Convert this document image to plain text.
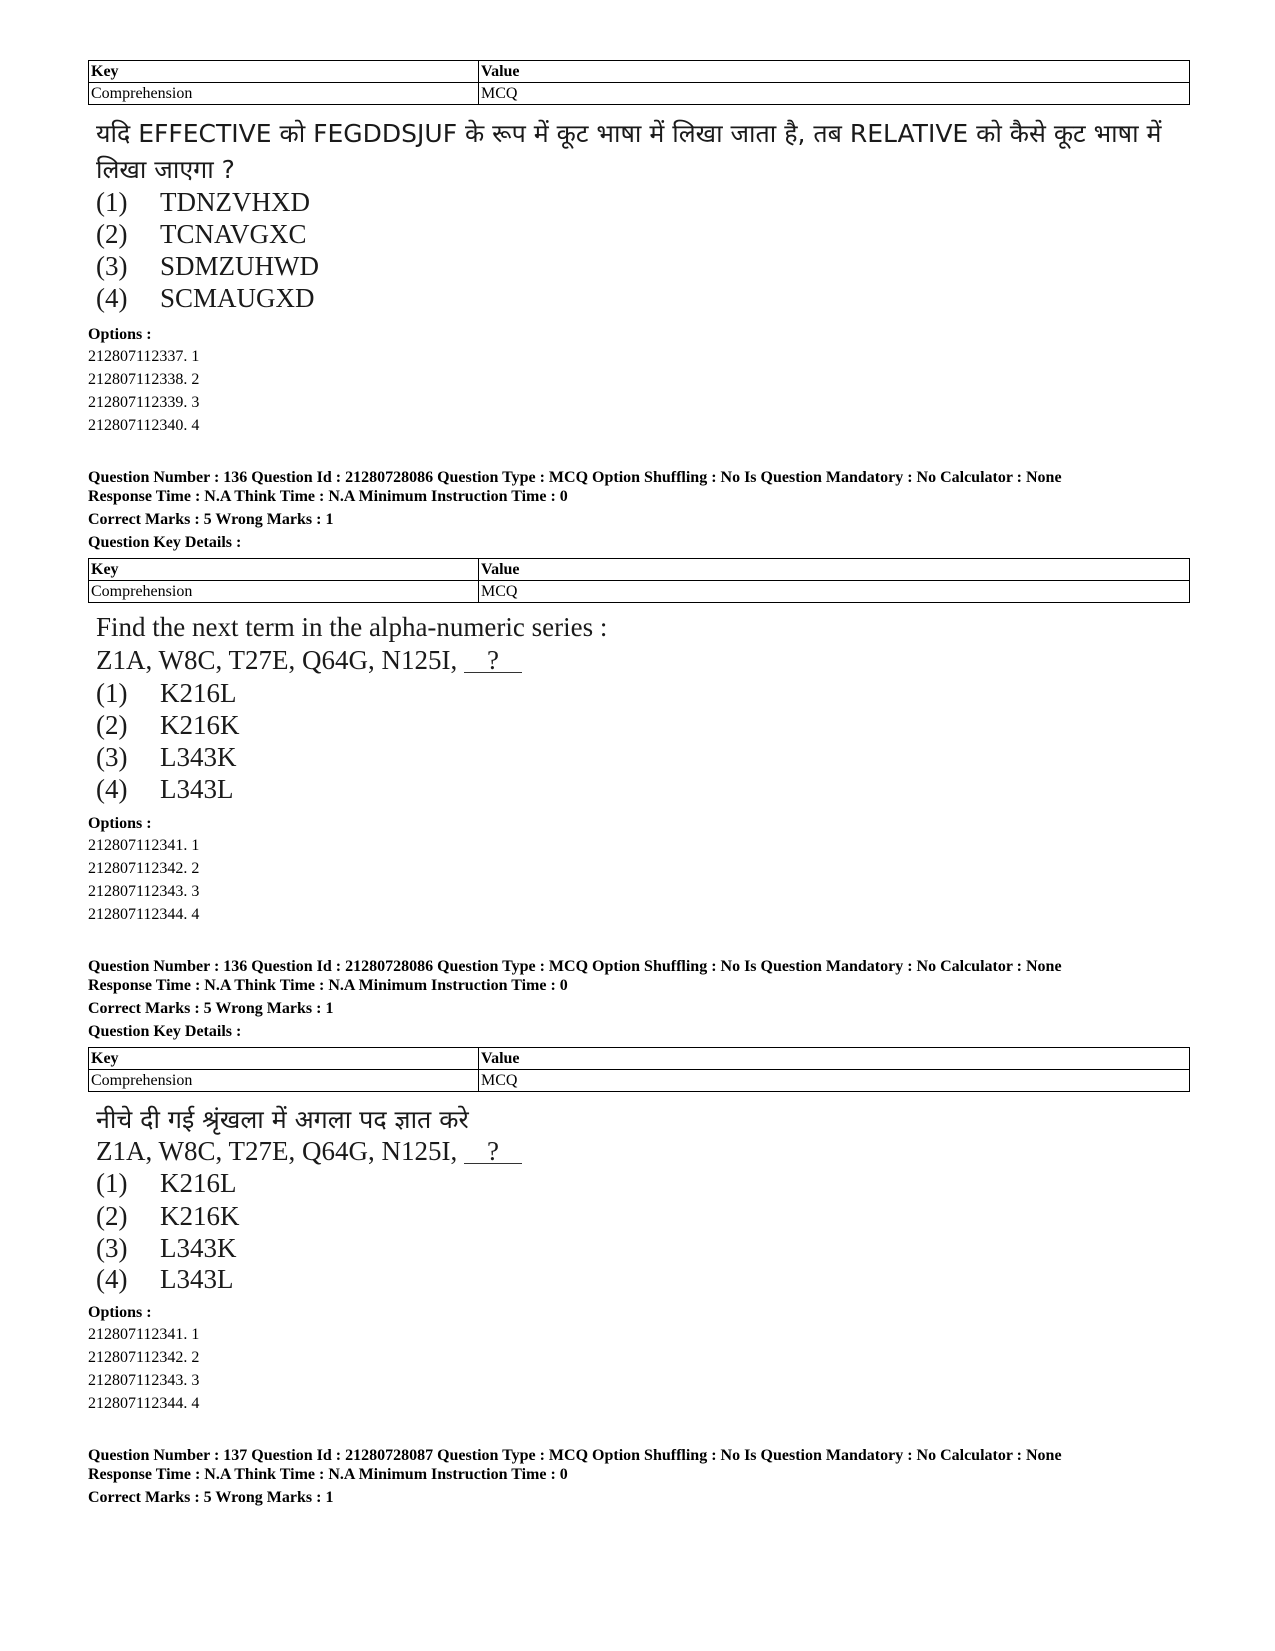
Key	Value
Comprehension	MCQ
यदि EFFECTIVE को FEGDDSJUF के रूप में कूट भाषा में लिखा जाता है, तब RELATIVE को कैसे कूट भाषा में
लिखा जाएगा ?
(1) TDNZVHXD
(2) TCNAVGXC
(3) SDMZUHWD
(4) SCMAUGXD
Options :
212807112337. 1
212807112338. 2
212807112339. 3
212807112340. 4
Question Number : 136 Question Id : 21280728086 Question Type : MCQ Option Shuffling : No Is Question Mandatory : No Calculator : None
Response Time : N.A Think Time : N.A Minimum Instruction Time : 0
Correct Marks : 5 Wrong Marks : 1
Question Key Details :
Key	Value
Comprehension	MCQ
Find the next term in the alpha-numeric series :
Z1A, W8C, T27E, Q64G, N125I, ?
(1) K216L
(2) K216K
(3) L343K
(4) L343L
Options :
212807112341. 1
212807112342. 2
212807112343. 3
212807112344. 4
Question Number : 136 Question Id : 21280728086 Question Type : MCQ Option Shuffling : No Is Question Mandatory : No Calculator : None
Response Time : N.A Think Time : N.A Minimum Instruction Time : 0
Correct Marks : 5 Wrong Marks : 1
Question Key Details :
Key	Value
Comprehension	MCQ
नीचे दी गई श्रृंखला में अगला पद ज्ञात करे
Z1A, W8C, T27E, Q64G, N125I, ?
(1) K216L
(2) K216K
(3) L343K
(4) L343L
Options :
212807112341. 1
212807112342. 2
212807112343. 3
212807112344. 4
Question Number : 137 Question Id : 21280728087 Question Type : MCQ Option Shuffling : No Is Question Mandatory : No Calculator : None
Response Time : N.A Think Time : N.A Minimum Instruction Time : 0
Correct Marks : 5 Wrong Marks : 1
